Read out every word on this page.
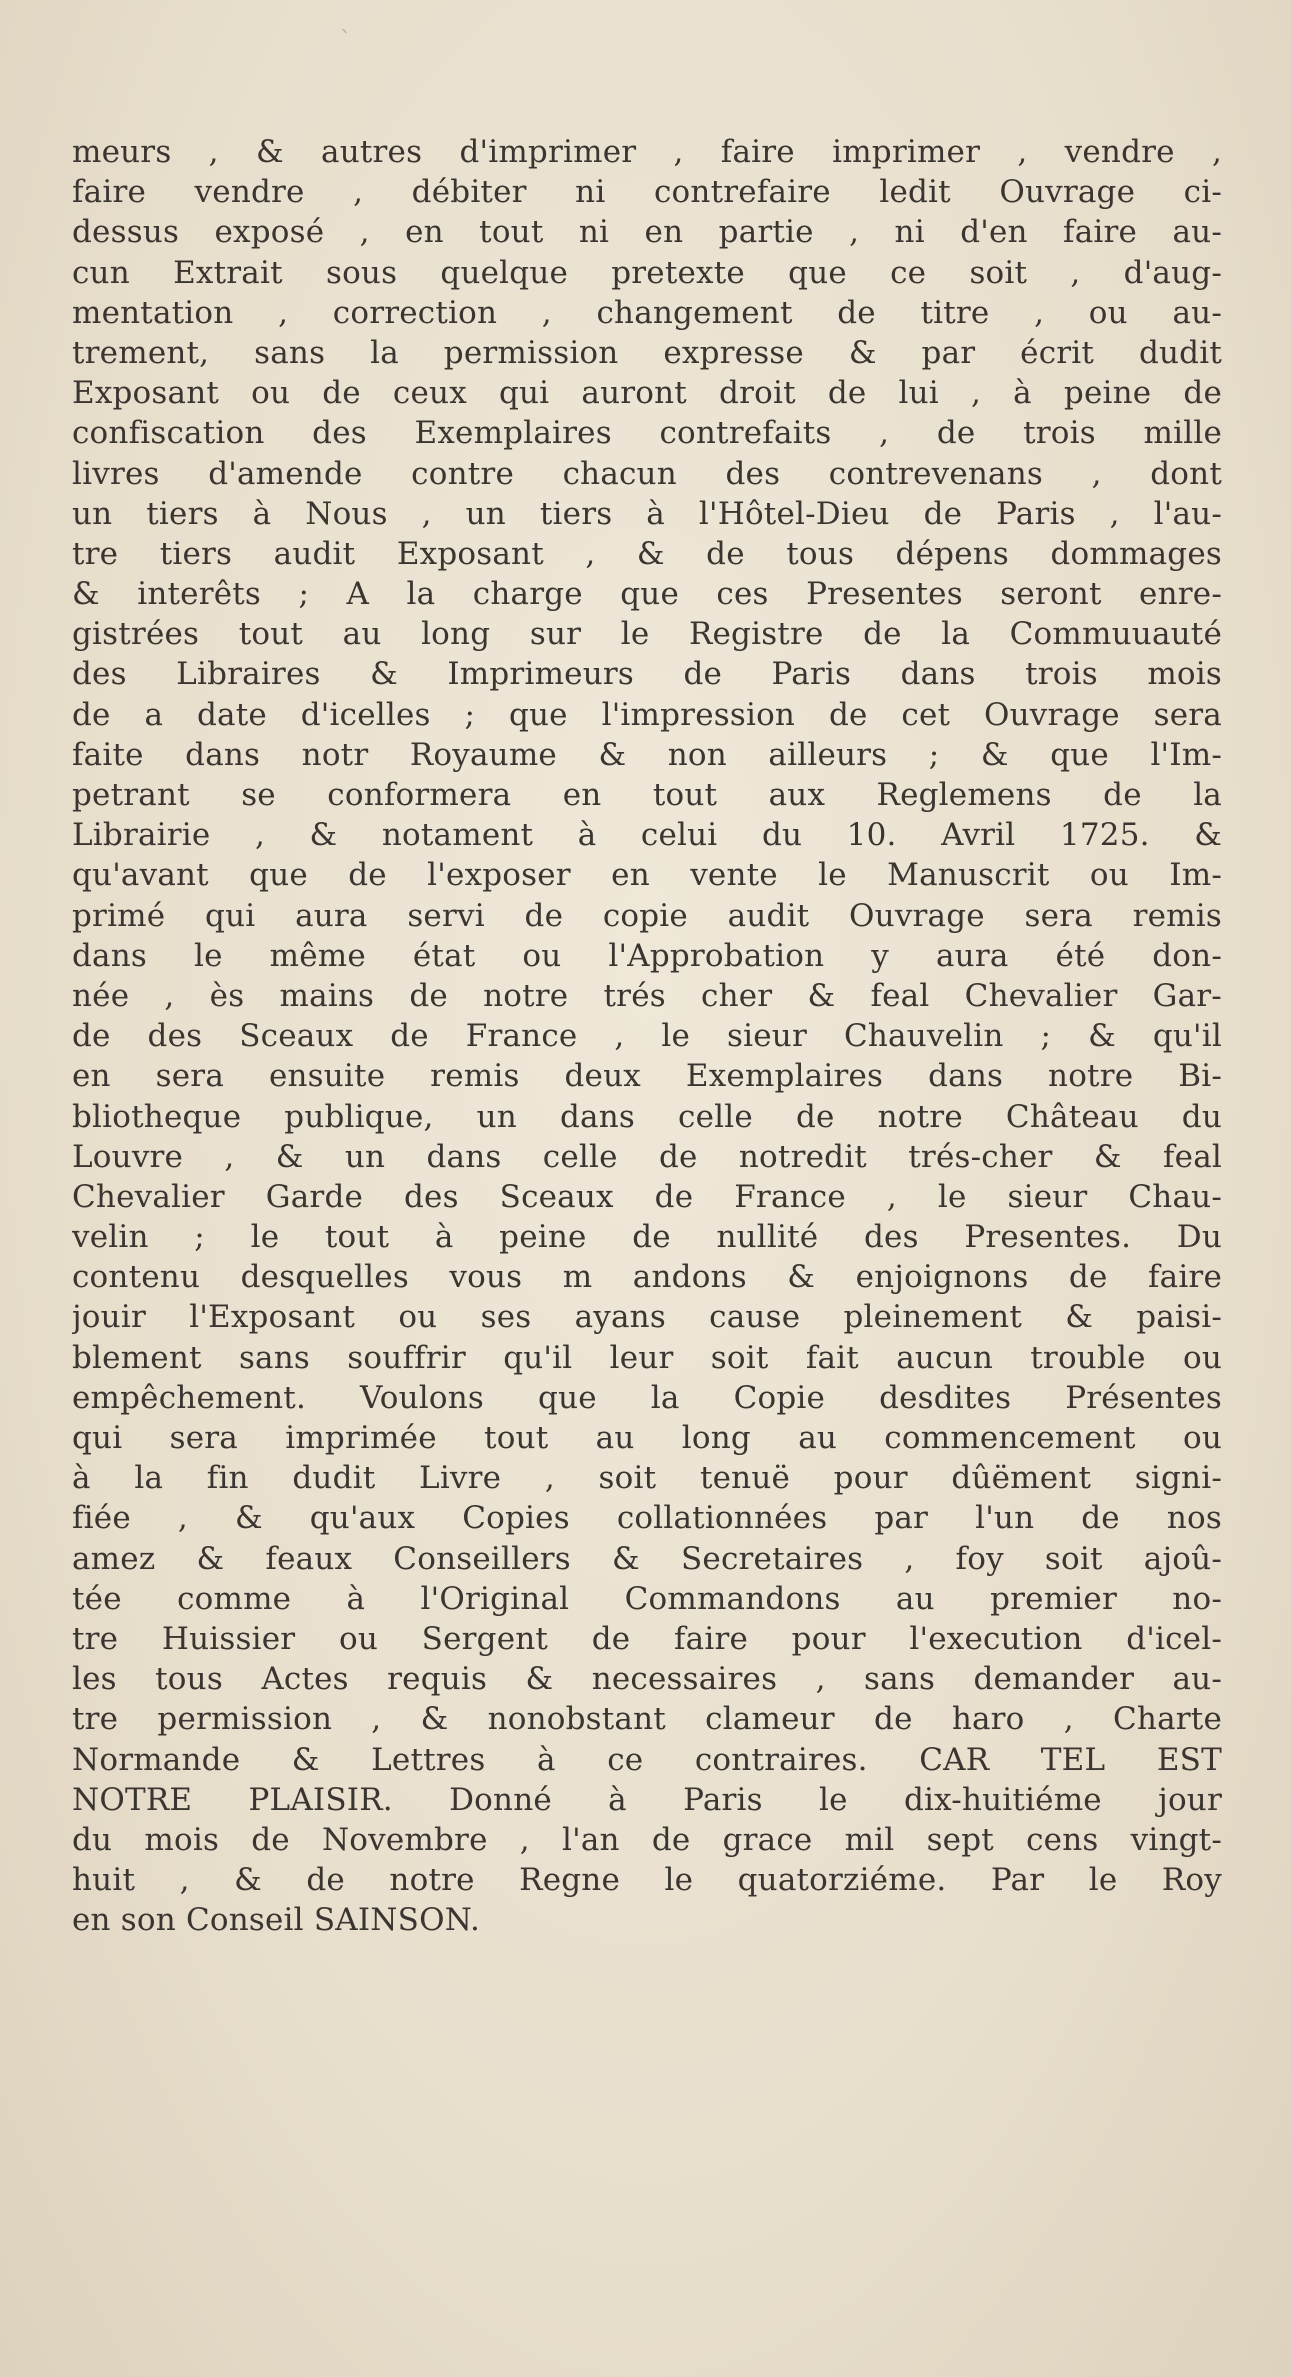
ˋ
meurs , & autres d'imprimer , faire imprimer , vendre ,
faire vendre , débiter ni contrefaire ledit Ouvrage ci-
dessus exposé , en tout ni en partie , ni d'en faire au-
cun Extrait sous quelque pretexte que ce soit , d'aug-
mentation , correction , changement de titre , ou au-
trement, sans la permission expresse & par écrit dudit
Exposant ou de ceux qui auront droit de lui , à peine de
confiscation des Exemplaires contrefaits , de trois mille
livres d'amende contre chacun des contrevenans , dont
un tiers à Nous , un tiers à l'Hôtel-Dieu de Paris , l'au-
tre tiers audit Exposant , & de tous dépens dommages
& interêts ; A la charge que ces Presentes seront enre-
gistrées tout au long sur le Registre de la Commuuauté
des Libraires & Imprimeurs de Paris dans trois mois
de a date d'icelles ; que l'impression de cet Ouvrage sera
faite dans notr Royaume & non ailleurs ; & que l'Im-
petrant se conformera en tout aux Reglemens de la
Librairie , & notament à celui du 10. Avril 1725. &
qu'avant que de l'exposer en vente le Manuscrit ou Im-
primé qui aura servi de copie audit Ouvrage sera remis
dans le même état ou l'Approbation y aura été don-
née , ès mains de notre trés cher & feal Chevalier Gar-
de des Sceaux de France , le sieur Chauvelin ; & qu'il
en sera ensuite remis deux Exemplaires dans notre Bi-
bliotheque publique, un dans celle de notre Château du
Louvre , & un dans celle de notredit trés-cher & feal
Chevalier Garde des Sceaux de France , le sieur Chau-
velin ; le tout à peine de nullité des Presentes. Du
contenu desquelles vous m andons & enjoignons de faire
jouir l'Exposant ou ses ayans cause pleinement & paisi-
blement sans souffrir qu'il leur soit fait aucun trouble ou
empêchement. Voulons que la Copie desdites Présentes
qui sera imprimée tout au long au commencement ou
à la fin dudit Livre , soit tenuë pour dûëment signi-
fiée , & qu'aux Copies collationnées par l'un de nos
amez & feaux Conseillers & Secretaires , foy soit ajoû-
tée comme à l'Original Commandons au premier no-
tre Huissier ou Sergent de faire pour l'execution d'icel-
les tous Actes requis & necessaires , sans demander au-
tre permission , & nonobstant clameur de haro , Charte
Normande & Lettres à ce contraires. CAR TEL EST
NOTRE PLAISIR. Donné à Paris le dix-huitiéme jour
du mois de Novembre , l'an de grace mil sept cens vingt-
huit , & de notre Regne le quatorziéme. Par le Roy
en son Conseil SAINSON.
